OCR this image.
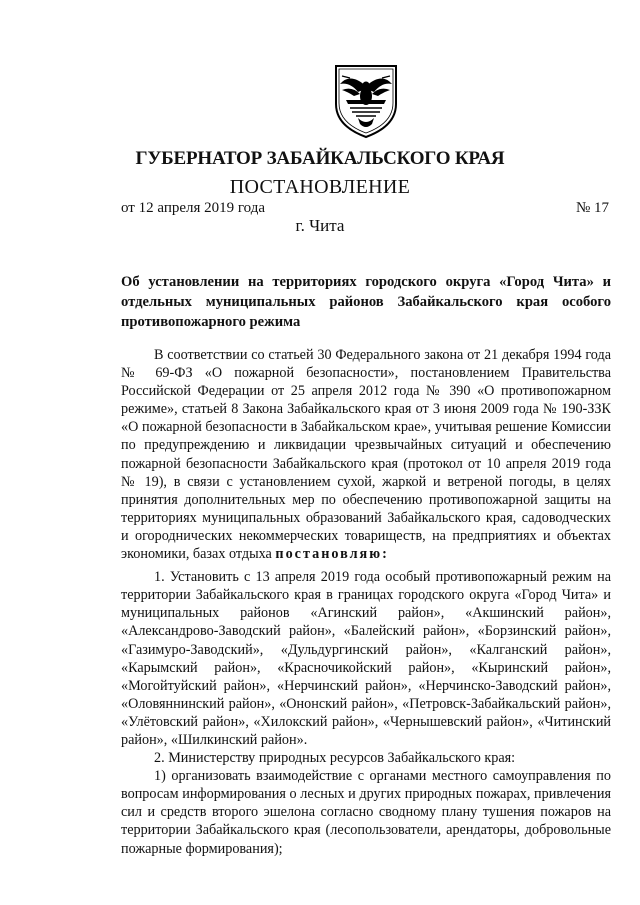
ГУБЕРНАТОР ЗАБАЙКАЛЬСКОГО КРАЯ
ПОСТАНОВЛЕНИЕ
от 12 апреля 2019 года	№ 17
г. Чита
Об установлении на территориях городского округа «Город Чита» и отдельных муниципальных районов Забайкальского края особого противопожарного режима

В соответствии со статьей 30 Федерального закона от 21 декабря 1994 года № 69-ФЗ «О пожарной безопасности», постановлением Правительства Российской Федерации от 25 апреля 2012 года № 390 «О противопожарном режиме», статьей 8 Закона Забайкальского края от 3 июня 2009 года № 190-ЗЗК «О пожарной безопасности в Забайкальском крае», учитывая решение Комиссии по предупреждению и ликвидации чрезвычайных ситуаций и обеспечению пожарной безопасности Забайкальского края (протокол от 10 апреля 2019 года № 19), в связи с установлением сухой, жаркой и ветреной погоды, в целях принятия дополнительных мер по обеспечению противопожарной защиты на территориях муниципальных образований Забайкальского края, садоводческих и огороднических некоммерческих товариществ, на предприятиях и объектах экономики, базах отдыха постановляю:

1. Установить с 13 апреля 2019 года особый противопожарный режим на территории Забайкальского края в границах городского округа «Город Чита» и муниципальных районов «Агинский район», «Акшинский район», «Александрово-Заводский район», «Балейский район», «Борзинский район», «Газимуро-Заводский», «Дульдургинский район», «Калганский район», «Карымский район», «Красночикойский район», «Кыринский район», «Могойтуйский район», «Нерчинский район», «Нерчинско-Заводский район», «Оловяннинский район», «Ононский район», «Петровск-Забайкальский район», «Улётовский район», «Хилокский район», «Чернышевский район», «Читинский район», «Шилкинский район».

2. Министерству природных ресурсов Забайкальского края:

1) организовать взаимодействие с органами местного самоуправления по вопросам информирования о лесных и других природных пожарах, привлечения сил и средств второго эшелона согласно сводному плану тушения пожаров на территории Забайкальского края (лесопользователи, арендаторы, добровольные пожарные формирования);
